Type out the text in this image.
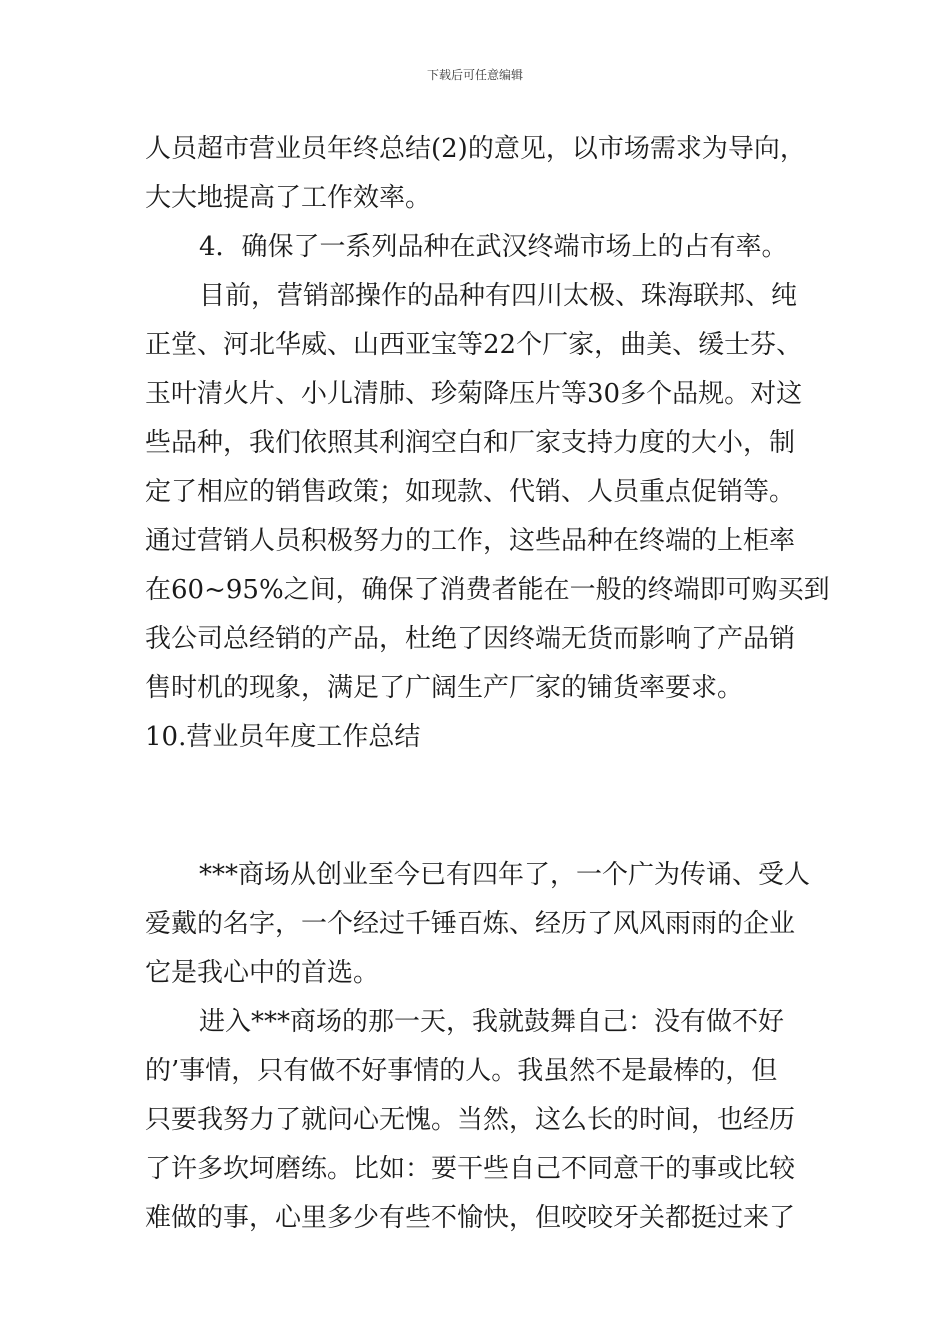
下载后可任意编辑
人员超市营业员年终总结(2)的意见，以市场需求为导向，
大大地提高了工作效率。
4．确保了一系列品种在武汉终端市场上的占有率。
目前，营销部操作的品种有四川太极、珠海联邦、纯
正堂、河北华威、山西亚宝等22个厂家，曲美、缓士芬、
玉叶清火片、小儿清肺、珍菊降压片等30多个品规。对这
些品种，我们依照其利润空白和厂家支持力度的大小，制
定了相应的销售政策；如现款、代销、人员重点促销等。
通过营销人员积极努力的工作，这些品种在终端的上柜率
在60~95%之间，确保了消费者能在一般的终端即可购买到
我公司总经销的产品，杜绝了因终端无货而影响了产品销
售时机的现象，满足了广阔生产厂家的铺货率要求。
10.营业员年度工作总结
***商场从创业至今已有四年了，一个广为传诵、受人
爱戴的名字，一个经过千锤百炼、经历了风风雨雨的企业
它是我心中的首选。
进入***商场的那一天，我就鼓舞自己：没有做不好
的’事情，只有做不好事情的人。我虽然不是最棒的，但
只要我努力了就问心无愧。当然，这么长的时间，也经历
了许多坎坷磨练。比如：要干些自己不同意干的事或比较
难做的事，心里多少有些不愉快，但咬咬牙关都挺过来了
